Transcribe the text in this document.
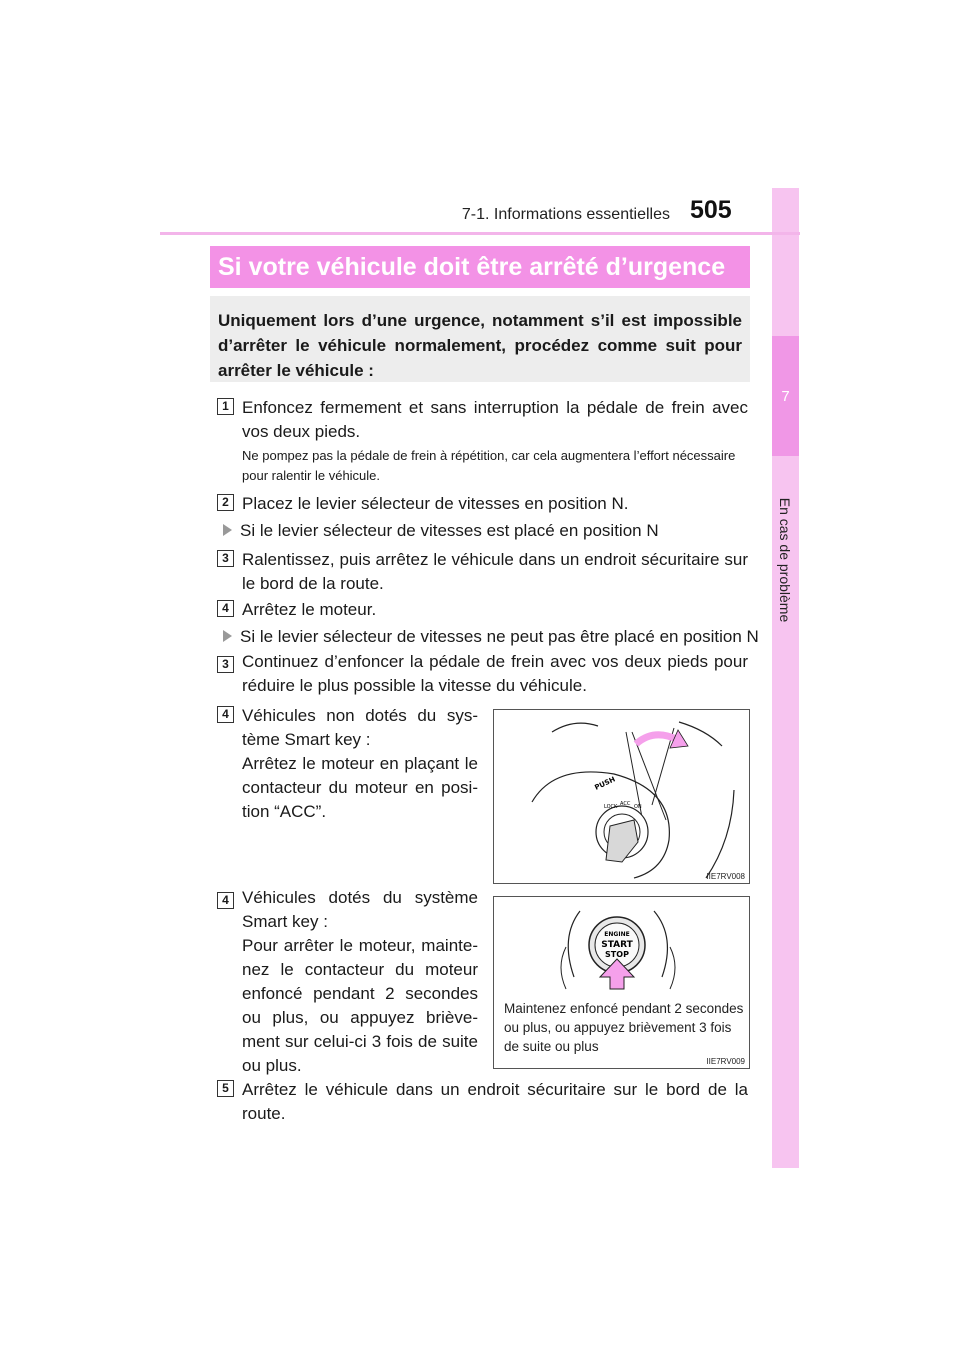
7
En cas de problème
7-1. Informations essentielles 505
Si votre véhicule doit être arrêté d’urgence
Uniquement lors d’une urgence, notamment s’il est impossible d’arrêter le véhicule normalement, procédez comme suit pour arrêter le véhicule :
1 Enfoncez fermement et sans interruption la pédale de frein avec vos deux pieds.
Ne pompez pas la pédale de frein à répétition, car cela augmentera l’effort nécessaire pour ralentir le véhicule.
2 Placez le levier sélecteur de vitesses en position N.
Si le levier sélecteur de vitesses est placé en position N
3 Ralentissez, puis arrêtez le véhicule dans un endroit sécuritaire sur le bord de la route.
4 Arrêtez le moteur.
Si le levier sélecteur de vitesses ne peut pas être placé en position N
3 Continuez d’enfoncer la pédale de frein avec vos deux pieds pour réduire le plus possible la vitesse du véhicule.
4 Véhicules non dotés du système Smart key :
Arrêtez le moteur en plaçant le contacteur du moteur en position “ACC”.
PUSH
LOCK ACC ON
IIE7RV008
4 Véhicules dotés du système Smart key :
Pour arrêter le moteur, maintenez le contacteur du moteur enfoncé pendant 2 secondes ou plus, ou appuyez brièvement sur celui-ci 3 fois de suite ou plus.
ENGINE
START
STOP
Maintenez enfoncé pendant 2 secondes ou plus, ou appuyez brièvement 3 fois de suite ou plus
IIE7RV009
5 Arrêtez le véhicule dans un endroit sécuritaire sur le bord de la route.
